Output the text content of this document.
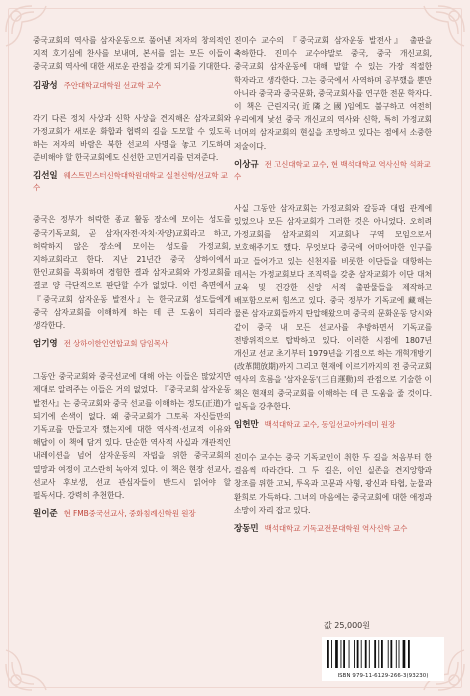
중국교회의 역사를 삼자운동으로 풀어낸 저자의 창의적인 지적 호기심에 찬사를 보내며, 본서를 읽는 모든 이들이 중국교회 역사에 대한 새로운 관점을 갖게 되기를 기대한다.

김광성 주안대학교대학원 선교학 교수

각기 다른 정치 사상과 신학 사상을 견지해온 삼자교회와 가정교회가 새로운 화합과 협력의 길을 도모할 수 있도록 하는 저자의 바람은 북한 선교의 사명을 놓고 기도하며 준비해야 할 한국교회에도 신선한 고민거리를 던져준다.

김선일 웨스트민스터신학대학원대학교 실천신학/선교학 교수

중국은 정부가 허락한 종교 활동 장소에 모이는 성도를 중국기독교회, 곧 삼자(자전·자치·자양)교회라고 하고, 허락하지 않은 장소에 모이는 성도를 가정교회, 지하교회라고 한다. 지난 21년간 중국 상하이에서 한인교회를 목회하며 경험한 결과 삼자교회와 가정교회를 결코 양 극단적으로 판단할 수가 없었다. 이런 측면에서 『중국교회 삼자운동 발전사』는 한국교회 성도들에게 중국 삼자교회를 이해하게 하는 데 큰 도움이 되리라 생각한다.

엄기영 전 상하이한인연합교회 담임목사

그동안 중국교회와 중국선교에 대해 아는 이들은 많았지만 제대로 알려주는 이들은 거의 없었다. 『중국교회 삼자운동 발전사』는 중국교회와 중국 선교를 이해하는 정도(正道)가 되기에 손색이 없다. 왜 중국교회가 그토록 자신들만의 기독교를 만들고자 했는지에 대한 역사적·선교적 이유와 해답이 이 책에 담겨 있다. 단순한 역사적 사실과 개관적인 내레이션을 넘어 삼자운동의 자립을 위한 중국교회의 열망과 여정이 고스란히 녹아져 있다. 이 책은 현장 선교사, 선교사 후보생, 선교 관심자들이 반드시 읽어야 할 필독서다. 강력히 추천한다.

원이준 현 FMB중국선교사, 중화침례신학원 원장

진미수 교수의 『중국교회 삼자운동 발전사』 출판을 축하한다. 진미수 교수야말로 중국, 중국 개신교회, 중국교회 삼자운동에 대해 말할 수 있는 가장 적절한 학자라고 생각한다. 그는 중국에서 사역하며 공부했을 뿐만 아니라 중국과 중국문화, 중국교회사를 연구한 전문 학자다. 이 책은 근린지국(近隣之國)임에도 불구하고 여전히 우리에게 낯선 중국 개신교의 역사와 신학, 특히 가정교회 너머의 삼자교회의 현실을 조망하고 있다는 점에서 소중한 저술이다.

이상규 전 고신대학교 교수, 현 백석대학교 역사신학 석좌교수

사실 그동안 삼자교회는 가정교회와 갈등과 대립 관계에 있었으나 모든 삼자교회가 그러한 것은 아니었다. 오히려 가정교회를 삼자교회의 지교회나 구역 모임으로서 보호해주기도 했다. 무엇보다 중국에 어마어마한 인구를 파고 들어가고 있는 신천지를 비롯한 이단들을 대항하는 데서는 가정교회보다 조직력을 갖춘 삼자교회가 이단 대처 교육 및 건강한 신앙 서적 출판물들을 제작하고 배포함으로써 힘쓰고 있다. 중국 정부가 기독교에 藏해는 물론 삼자교회들까지 탄압해왔으며 중국의 문화운동 당시와 같이 중국 내 모든 선교사를 추방하면서 기독교를 전방위적으로 탑박하고 있다. 이러한 시점에 1807년 개신교 선교 초기부터 1979년을 기점으로 하는 개혁개방기(改革開放期)까지 그리고 현재에 이르기까지의 전 중국교회 역사의 흐름을 '삼자운동'(三自運動)의 관점으로 기술한 이 책은 현재의 중국교회를 이해하는 데 큰 도움을 줄 것이다. 일독을 강추한다.

임헌만 백석대학교 교수, 동일선교아카데미 원장

진미수 교수는 중국 기독교인이 취한 두 길을 처음부터 한 걸음씩 따라간다. 그 두 길은, 이인 실존을 견지앙향과 창조를 위한 고뇌, 투옥과 고문과 사형, 광신과 타협, 눈물과 환희로 가득하다. 그녀의 마음에는 중국교회에 대한 애정과 소망이 자리 잡고 있다.

장동민 백석대학교 기독교전문대학원 역사신학 교수
값 25,000원
ISBN 979-11-6129-266-3(93230)
